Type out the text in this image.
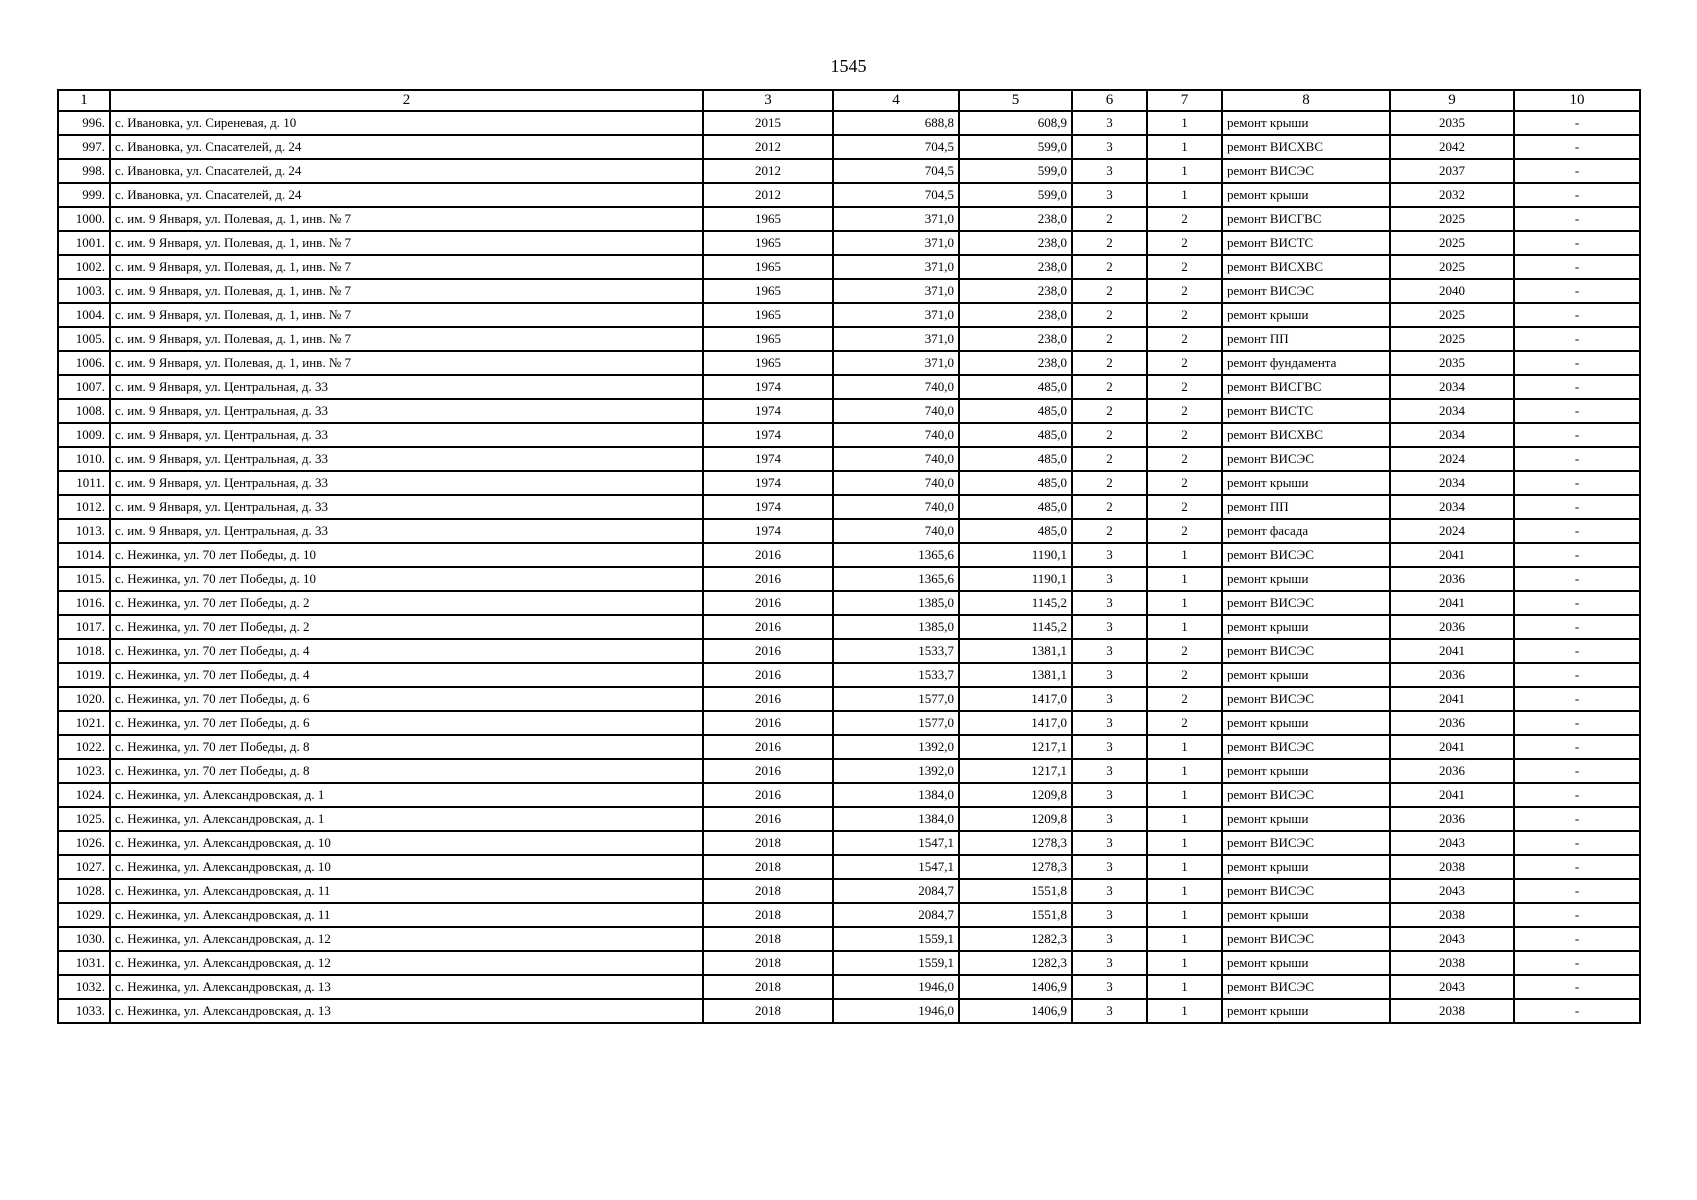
1545
1	2	3	4	5	6	7	8	9	10
996.	с. Ивановка, ул. Сиреневая, д. 10	2015	688,8	608,9	3	1	ремонт крыши	2035	-
997.	с. Ивановка, ул. Спасателей, д. 24	2012	704,5	599,0	3	1	ремонт ВИСХВС	2042	-
998.	с. Ивановка, ул. Спасателей, д. 24	2012	704,5	599,0	3	1	ремонт ВИСЭС	2037	-
999.	с. Ивановка, ул. Спасателей, д. 24	2012	704,5	599,0	3	1	ремонт крыши	2032	-
1000.	с. им. 9 Января, ул. Полевая, д. 1, инв. № 7	1965	371,0	238,0	2	2	ремонт ВИСГВС	2025	-
1001.	с. им. 9 Января, ул. Полевая, д. 1, инв. № 7	1965	371,0	238,0	2	2	ремонт ВИСТС	2025	-
1002.	с. им. 9 Января, ул. Полевая, д. 1, инв. № 7	1965	371,0	238,0	2	2	ремонт ВИСХВС	2025	-
1003.	с. им. 9 Января, ул. Полевая, д. 1, инв. № 7	1965	371,0	238,0	2	2	ремонт ВИСЭС	2040	-
1004.	с. им. 9 Января, ул. Полевая, д. 1, инв. № 7	1965	371,0	238,0	2	2	ремонт крыши	2025	-
1005.	с. им. 9 Января, ул. Полевая, д. 1, инв. № 7	1965	371,0	238,0	2	2	ремонт ПП	2025	-
1006.	с. им. 9 Января, ул. Полевая, д. 1, инв. № 7	1965	371,0	238,0	2	2	ремонт фундамента	2035	-
1007.	с. им. 9 Января, ул. Центральная, д. 33	1974	740,0	485,0	2	2	ремонт ВИСГВС	2034	-
1008.	с. им. 9 Января, ул. Центральная, д. 33	1974	740,0	485,0	2	2	ремонт ВИСТС	2034	-
1009.	с. им. 9 Января, ул. Центральная, д. 33	1974	740,0	485,0	2	2	ремонт ВИСХВС	2034	-
1010.	с. им. 9 Января, ул. Центральная, д. 33	1974	740,0	485,0	2	2	ремонт ВИСЭС	2024	-
1011.	с. им. 9 Января, ул. Центральная, д. 33	1974	740,0	485,0	2	2	ремонт крыши	2034	-
1012.	с. им. 9 Января, ул. Центральная, д. 33	1974	740,0	485,0	2	2	ремонт ПП	2034	-
1013.	с. им. 9 Января, ул. Центральная, д. 33	1974	740,0	485,0	2	2	ремонт фасада	2024	-
1014.	с. Нежинка, ул. 70 лет Победы, д. 10	2016	1365,6	1190,1	3	1	ремонт ВИСЭС	2041	-
1015.	с. Нежинка, ул. 70 лет Победы, д. 10	2016	1365,6	1190,1	3	1	ремонт крыши	2036	-
1016.	с. Нежинка, ул. 70 лет Победы, д. 2	2016	1385,0	1145,2	3	1	ремонт ВИСЭС	2041	-
1017.	с. Нежинка, ул. 70 лет Победы, д. 2	2016	1385,0	1145,2	3	1	ремонт крыши	2036	-
1018.	с. Нежинка, ул. 70 лет Победы, д. 4	2016	1533,7	1381,1	3	2	ремонт ВИСЭС	2041	-
1019.	с. Нежинка, ул. 70 лет Победы, д. 4	2016	1533,7	1381,1	3	2	ремонт крыши	2036	-
1020.	с. Нежинка, ул. 70 лет Победы, д. 6	2016	1577,0	1417,0	3	2	ремонт ВИСЭС	2041	-
1021.	с. Нежинка, ул. 70 лет Победы, д. 6	2016	1577,0	1417,0	3	2	ремонт крыши	2036	-
1022.	с. Нежинка, ул. 70 лет Победы, д. 8	2016	1392,0	1217,1	3	1	ремонт ВИСЭС	2041	-
1023.	с. Нежинка, ул. 70 лет Победы, д. 8	2016	1392,0	1217,1	3	1	ремонт крыши	2036	-
1024.	с. Нежинка, ул. Александровская, д. 1	2016	1384,0	1209,8	3	1	ремонт ВИСЭС	2041	-
1025.	с. Нежинка, ул. Александровская, д. 1	2016	1384,0	1209,8	3	1	ремонт крыши	2036	-
1026.	с. Нежинка, ул. Александровская, д. 10	2018	1547,1	1278,3	3	1	ремонт ВИСЭС	2043	-
1027.	с. Нежинка, ул. Александровская, д. 10	2018	1547,1	1278,3	3	1	ремонт крыши	2038	-
1028.	с. Нежинка, ул. Александровская, д. 11	2018	2084,7	1551,8	3	1	ремонт ВИСЭС	2043	-
1029.	с. Нежинка, ул. Александровская, д. 11	2018	2084,7	1551,8	3	1	ремонт крыши	2038	-
1030.	с. Нежинка, ул. Александровская, д. 12	2018	1559,1	1282,3	3	1	ремонт ВИСЭС	2043	-
1031.	с. Нежинка, ул. Александровская, д. 12	2018	1559,1	1282,3	3	1	ремонт крыши	2038	-
1032.	с. Нежинка, ул. Александровская, д. 13	2018	1946,0	1406,9	3	1	ремонт ВИСЭС	2043	-
1033.	с. Нежинка, ул. Александровская, д. 13	2018	1946,0	1406,9	3	1	ремонт крыши	2038	-
